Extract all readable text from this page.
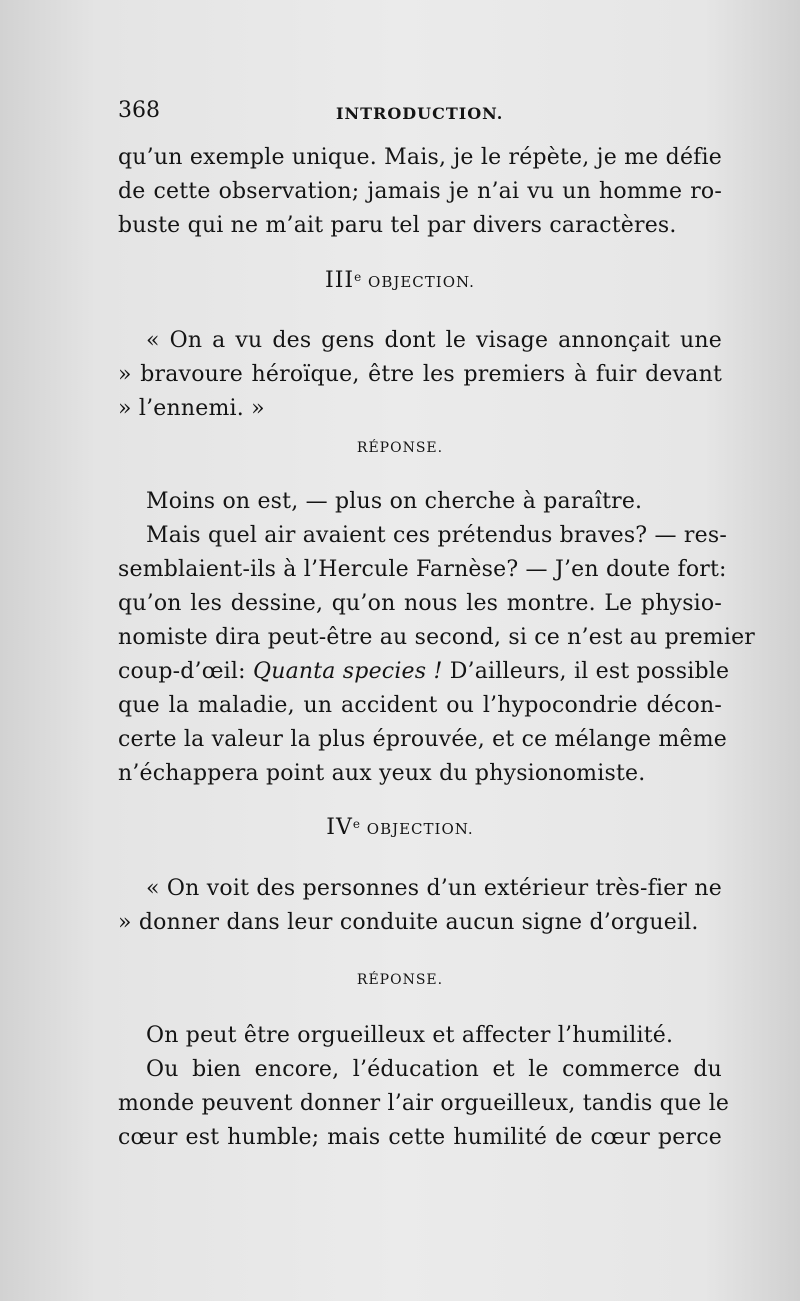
368	INTRODUCTION.
qu’un exemple unique. Mais, je le répète, je me défie
de cette observation; jamais je n’ai vu un homme ro-
buste qui ne m’ait paru tel par divers caractères.
IIIe OBJECTION.
« On a vu des gens dont le visage annonçait une
» bravoure héroïque, être les premiers à fuir devant
» l’ennemi. »
RÉPONSE.
Moins on est, — plus on cherche à paraître.
Mais quel air avaient ces prétendus braves? — res-
semblaient-ils à l’Hercule Farnèse? — J’en doute fort:
qu’on les dessine, qu’on nous les montre. Le physio-
nomiste dira peut-être au second, si ce n’est au premier
coup-d’œil: Quanta species ! D’ailleurs, il est possible
que la maladie, un accident ou l’hypocondrie décon-
certe la valeur la plus éprouvée, et ce mélange même
n’échappera point aux yeux du physionomiste.
IVe OBJECTION.
« On voit des personnes d’un extérieur très-fier ne
» donner dans leur conduite aucun signe d’orgueil.
RÉPONSE.
On peut être orgueilleux et affecter l’humilité.
Ou bien encore, l’éducation et le commerce du
monde peuvent donner l’air orgueilleux, tandis que le
cœur est humble; mais cette humilité de cœur perce
